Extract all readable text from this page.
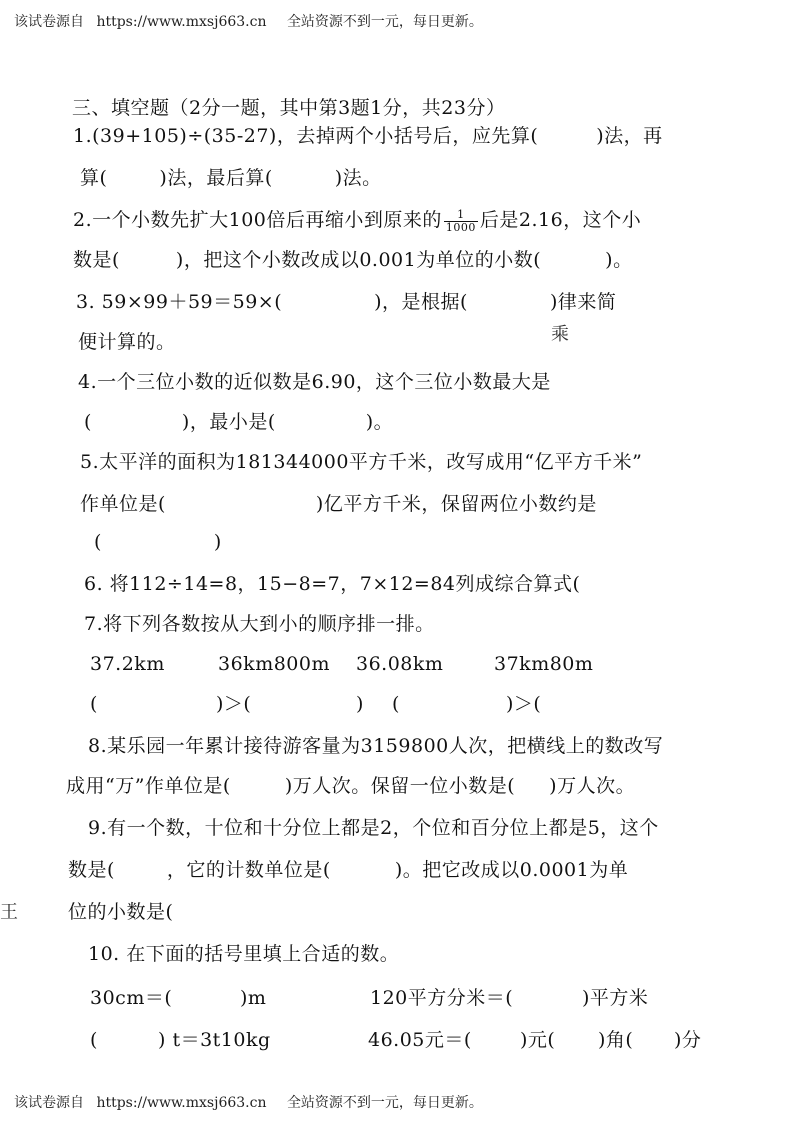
该试卷源自 https://www.mxsj663.cn 全站资源不到一元，每日更新。
三、填空题（2分一题，其中第3题1分，共23分）
1.(39+105)÷(35-27)，去掉两个小括号后，应先算(	)法，再
算(	)法，最后算(	)法。
2.一个小数先扩大100倍后再缩小到原来的 $\frac{1}{1000}$ 后是2.16，这个小
数是(	)，把这个小数改成以0.001为单位的小数(	)。
3. 59×99＋59＝59×(	)，是根据(	)律来简
乘
便计算的。
4.一个三位小数的近似数是6.90，这个三位小数最大是
(	)，最小是(	)。
5.太平洋的面积为181344000平方千米，改写成用“亿平方千米”
作单位是(	)亿平方千米，保留两位小数约是
(	)
6. 将112÷14=8，15−8=7，7×12=84列成综合算式(
7.将下列各数按从大到小的顺序排一排。
37.2km	36km800m 36.08km	37km80m
(	)＞(	) (	)＞(
8.某乐园一年累计接待游客量为3159800人次，把横线上的数改写
成用“万”作单位是(	)万人次。保留一位小数是( )万人次。
9.有一个数，十位和十分位上都是2，个位和百分位上都是5，这个
数是(	，它的计数单位是(	)。把它改成以0.0001为单
王	位的小数是(
10. 在下面的括号里填上合适的数。
30cm＝(	)m	120平方分米＝(	)平方米
(	) t＝3t10kg	46.05元＝(	)元( )角( )分
该试卷源自 https://www.mxsj663.cn 全站资源不到一元，每日更新。
